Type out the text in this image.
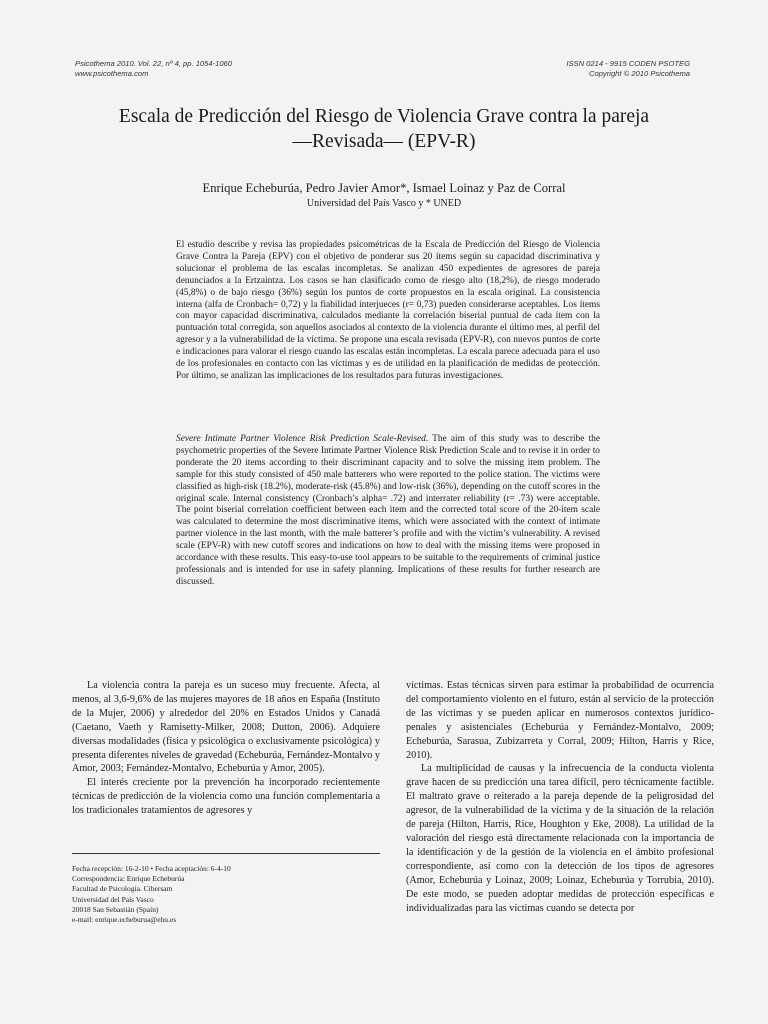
Psicothema 2010. Vol. 22, nº 4, pp. 1054-1060
www.psicothema.com
ISSN 0214 - 9915 CODEN PSOTEG
Copyright © 2010 Psicothema
Escala de Predicción del Riesgo de Violencia Grave contra la pareja
—Revisada— (EPV-R)
Enrique Echeburúa, Pedro Javier Amor*, Ismael Loinaz y Paz de Corral
Universidad del País Vasco y * UNED

El estudio describe y revisa las propiedades psicométricas de la Escala de Predicción del Riesgo de Violencia Grave Contra la Pareja (EPV) con el objetivo de ponderar sus 20 ítems según su capacidad discriminativa y solucionar el problema de las escalas incompletas. Se analizan 450 expedientes de agresores de pareja denunciados a la Ertzaintza. Los casos se han clasificado como de riesgo alto (18,2%), de riesgo moderado (45,8%) o de bajo riesgo (36%) según los puntos de corte propuestos en la escala original. La consistencia interna (alfa de Cronbach= 0,72) y la fiabilidad interjueces (r= 0,73) pueden considerarse aceptables. Los ítems con mayor capacidad discriminativa, calculados mediante la correlación biserial puntual de cada ítem con la puntuación total corregida, son aquellos asociados al contexto de la violencia durante el último mes, al perfil del agresor y a la vulnerabilidad de la víctima. Se propone una escala revisada (EPV-R), con nuevos puntos de corte e indicaciones para valorar el riesgo cuando las escalas están incompletas. La escala parece adecuada para el uso de los profesionales en contacto con las víctimas y es de utilidad en la planificación de medidas de protección. Por último, se analizan las implicaciones de los resultados para futuras investigaciones.

Severe Intimate Partner Violence Risk Prediction Scale-Revised. The aim of this study was to describe the psychometric properties of the Severe Intimate Partner Violence Risk Prediction Scale and to revise it in order to ponderate the 20 items according to their discriminant capacity and to solve the missing item problem. The sample for this study consisted of 450 male batterers who were reported to the police station. The victims were classified as high-risk (18.2%), moderate-risk (45.8%) and low-risk (36%), depending on the cutoff scores in the original scale. Internal consistency (Cronbach’s alpha= .72) and interrater reliability (r= .73) were acceptable. The point biserial correlation coefficient between each item and the corrected total score of the 20-item scale was calculated to determine the most discriminative items, which were associated with the context of intimate partner violence in the last month, with the male batterer’s profile and with the victim’s vulnerability. A revised scale (EPV-R) with new cutoff scores and indications on how to deal with the missing items were proposed in accordance with these results. This easy-to-use tool appears to be suitable to the requirements of criminal justice professionals and is intended for use in safety planning. Implications of these results for further research are discussed.

La violencia contra la pareja es un suceso muy frecuente. Afecta, al menos, al 3,6-9,6% de las mujeres mayores de 18 años en España (Instituto de la Mujer, 2006) y alrededor del 20% en Estados Unidos y Canadá (Caetano, Vaeth y Ramisetty-Milker, 2008; Dutton, 2006). Adquiere diversas modalidades (física y psicológica o exclusivamente psicológica) y presenta diferentes niveles de gravedad (Echeburúa, Fernández-Montalvo y Amor, 2003; Fernández-Montalvo, Echeburúa y Amor, 2005).

El interés creciente por la prevención ha incorporado recientemente técnicas de predicción de la violencia como una función complementaria a los tradicionales tratamientos de agresores y

Fecha recepción: 16-2-10 • Fecha aceptación: 6-4-10
Correspondencia: Enrique Echeburúa
Facultad de Psicología. Cibersam
Universidad del País Vasco
20018 San Sebastián (Spain)
e-mail: enrique.echeburua@ehu.es

víctimas. Estas técnicas sirven para estimar la probabilidad de ocurrencia del comportamiento violento en el futuro, están al servicio de la protección de las víctimas y se pueden aplicar en numerosos contextos jurídico-penales y asistenciales (Echeburúa y Fernández-Montalvo, 2009; Echeburúa, Sarasua, Zubizarreta y Corral, 2009; Hilton, Harris y Rice, 2010).

La multiplicidad de causas y la infrecuencia de la conducta violenta grave hacen de su predicción una tarea difícil, pero técnicamente factible. El maltrato grave o reiterado a la pareja depende de la peligrosidad del agresor, de la vulnerabilidad de la víctima y de la situación de la relación de pareja (Hilton, Harris, Rice, Houghton y Eke, 2008). La utilidad de la valoración del riesgo está directamente relacionada con la importancia de la identificación y de la gestión de la violencia en el ámbito profesional correspondiente, así como con la detección de los tipos de agresores (Amor, Echeburúa y Loinaz, 2009; Loinaz, Echeburúa y Torrubia, 2010). De este modo, se pueden adoptar medidas de protección específicas e individualizadas para las víctimas cuando se detecta por
